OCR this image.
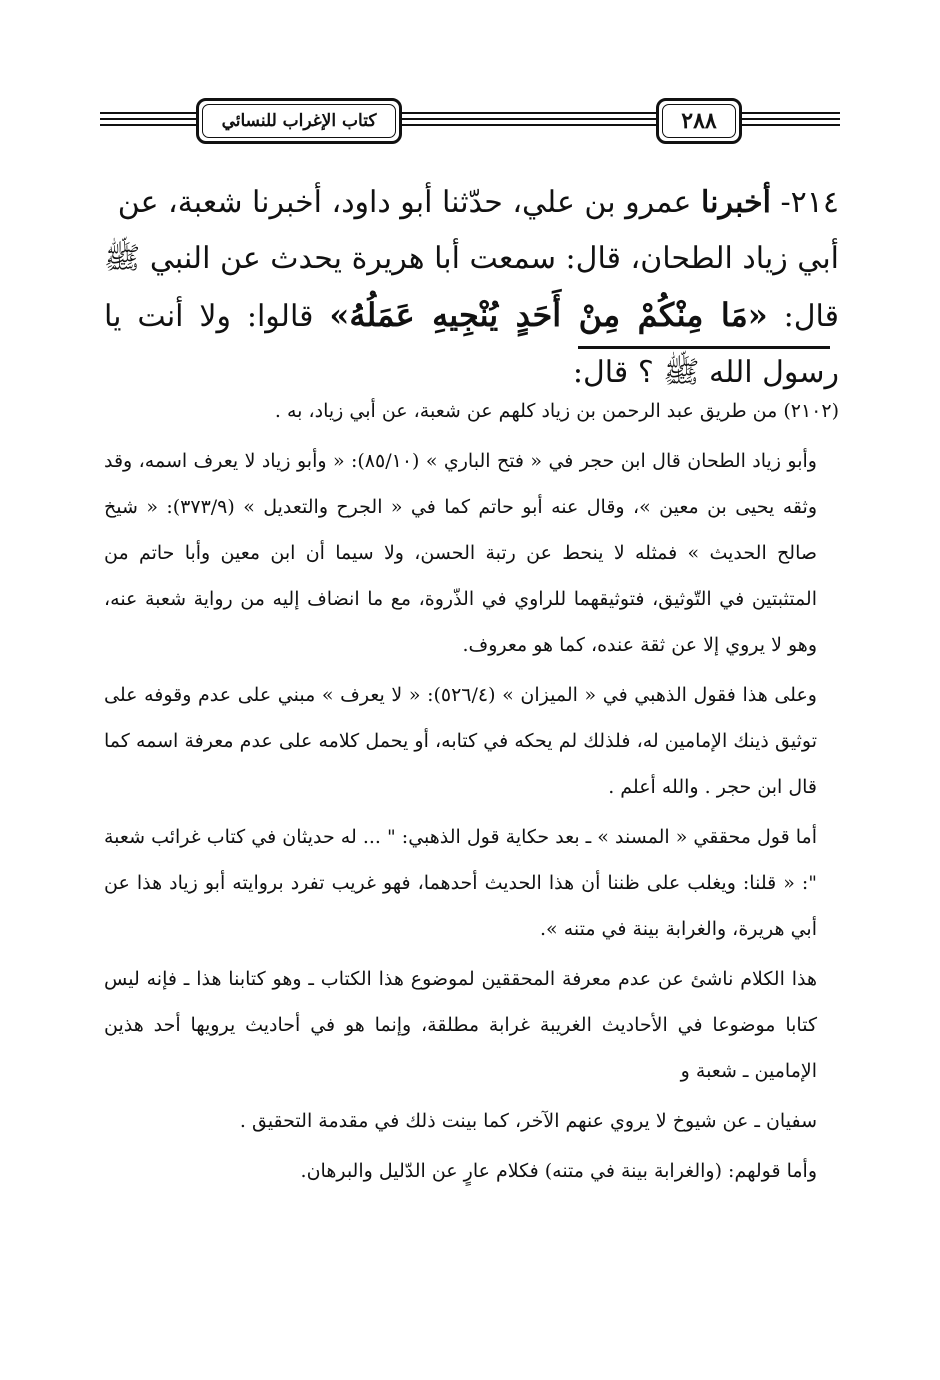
كتاب الإغراب للنسائي	٢٨٨

٢١٤- أخبرنا عمرو بن علي، حدّثنا أبو داود، أخبرنا شعبة، عن

أبي زياد الطحان، قال: سمعت أبا هريرة يحدث عن النبي ﷺ قال: «مَا مِنْكُمْ مِنْ أَحَدٍ يُنْجِيهِ عَمَلُهُ» قالوا: ولا أنت يا رسول الله ﷺ ؟ قال:

(٢١٠٢) من طريق عبد الرحمن بن زياد كلهم عن شعبة، عن أبي زياد، به .

وأبو زياد الطحان قال ابن حجر في « فتح الباري » (٨٥/١٠): « وأبو زياد لا يعرف اسمه، وقد وثقه يحيى بن معين »، وقال عنه أبو حاتم كما في « الجرح والتعديل » (٣٧٣/٩): « شيخ صالح الحديث » فمثله لا ينحط عن رتبة الحسن، ولا سيما أن ابن معين وأبا حاتم من المتثبتين في التّوثيق، فتوثيقهما للراوي في الذّروة، مع ما انضاف إليه من رواية شعبة عنه، وهو لا يروي إلا عن ثقة عنده، كما هو معروف.

وعلى هذا فقول الذهبي في « الميزان » (٥٢٦/٤): « لا يعرف » مبني على عدم وقوفه على توثيق ذينك الإمامين له، فلذلك لم يحكه في كتابه، أو يحمل كلامه على عدم معرفة اسمه كما قال ابن حجر . والله أعلم .

أما قول محققي « المسند » ـ بعد حكاية قول الذهبي: " ... له حديثان في كتاب غرائب شعبة ": « قلنا: ويغلب على ظننا أن هذا الحديث أحدهما، فهو غريب تفرد بروايته أبو زياد هذا عن أبي هريرة، والغرابة بينة في متنه ».

هذا الكلام ناشئ عن عدم معرفة المحققين لموضوع هذا الكتاب ـ وهو كتابنا هذا ـ فإنه ليس كتابا موضوعا في الأحاديث الغريبة غرابة مطلقة، وإنما هو في أحاديث يرويها أحد هذين الإمامين ـ شعبة و

سفيان ـ عن شيوخ لا يروي عنهم الآخر، كما بينت ذلك في مقدمة التحقيق .

وأما قولهم: (والغرابة بينة في متنه) فكلام عارٍ عن الدّليل والبرهان.
